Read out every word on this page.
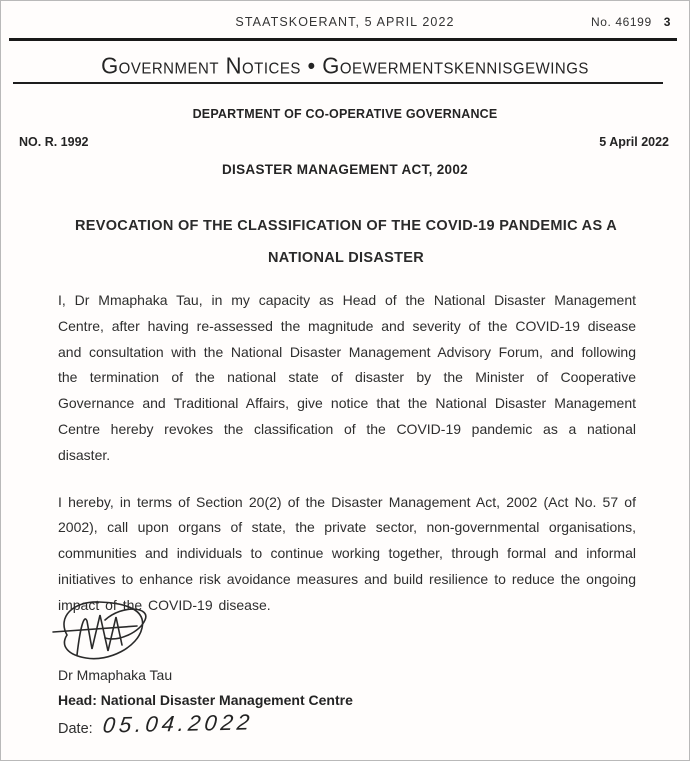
STAATSKOERANT, 5 APRIL 2022	No. 46199 3
Government Notices • Goewermentskennisgewings
DEPARTMENT OF CO-OPERATIVE GOVERNANCE
NO. R. 1992	5 April 2022
DISASTER MANAGEMENT ACT, 2002
REVOCATION OF THE CLASSIFICATION OF THE COVID-19 PANDEMIC AS A
NATIONAL DISASTER

I, Dr Mmaphaka Tau, in my capacity as Head of the National Disaster Management Centre, after having re-assessed the magnitude and severity of the COVID-19 disease and consultation with the National Disaster Management Advisory Forum, and following the termination of the national state of disaster by the Minister of Cooperative Governance and Traditional Affairs, give notice that the National Disaster Management Centre hereby revokes the classification of the COVID-19 pandemic as a national disaster.

I hereby, in terms of Section 20(2) of the Disaster Management Act, 2002 (Act No. 57 of 2002), call upon organs of state, the private sector, non-governmental organisations, communities and individuals to continue working together, through formal and informal initiatives to enhance risk avoidance measures and build resilience to reduce the ongoing impact of the COVID-19 disease.

Dr Mmaphaka Tau
Head: National Disaster Management Centre
Date: 05.04.2022
